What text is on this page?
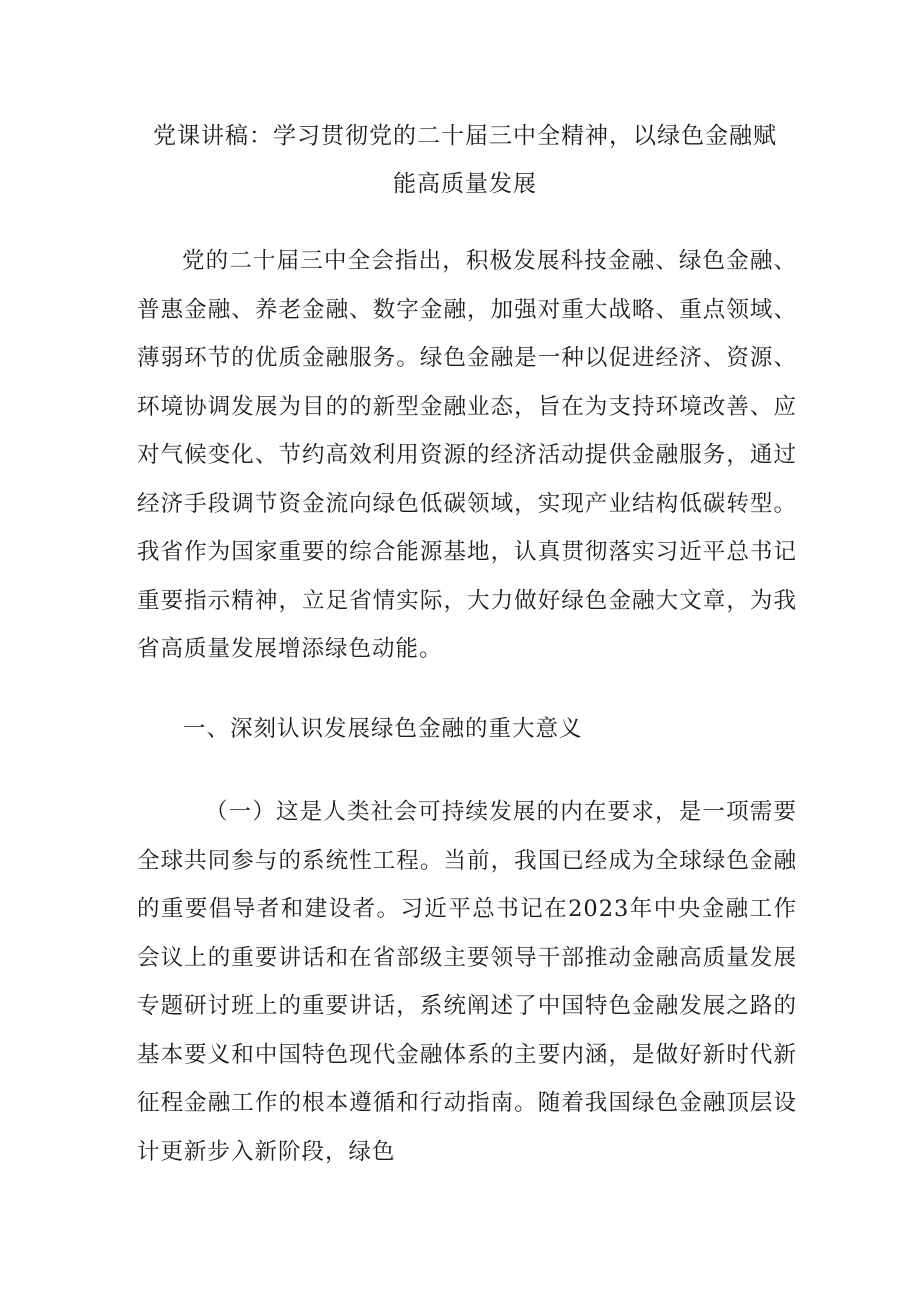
党课讲稿：学习贯彻党的二十届三中全精神，以绿色金融赋
能高质量发展

党的二十届三中全会指出，积极发展科技金融、绿色金融、普惠金融、养老金融、数字金融，加强对重大战略、重点领域、薄弱环节的优质金融服务。绿色金融是一种以促进经济、资源、环境协调发展为目的的新型金融业态，旨在为支持环境改善、应对气候变化、节约高效利用资源的经济活动提供金融服务，通过经济手段调节资金流向绿色低碳领域，实现产业结构低碳转型。我省作为国家重要的综合能源基地，认真贯彻落实习近平总书记重要指示精神，立足省情实际，大力做好绿色金融大文章，为我省高质量发展增添绿色动能。

一、深刻认识发展绿色金融的重大意义

（一）这是人类社会可持续发展的内在要求，是一项需要全球共同参与的系统性工程。当前，我国已经成为全球绿色金融的重要倡导者和建设者。习近平总书记在2023年中央金融工作会议上的重要讲话和在省部级主要领导干部推动金融高质量发展专题研讨班上的重要讲话，系统阐述了中国特色金融发展之路的基本要义和中国特色现代金融体系的主要内涵，是做好新时代新征程金融工作的根本遵循和行动指南。随着我国绿色金融顶层设计更新步入新阶段，绿色
